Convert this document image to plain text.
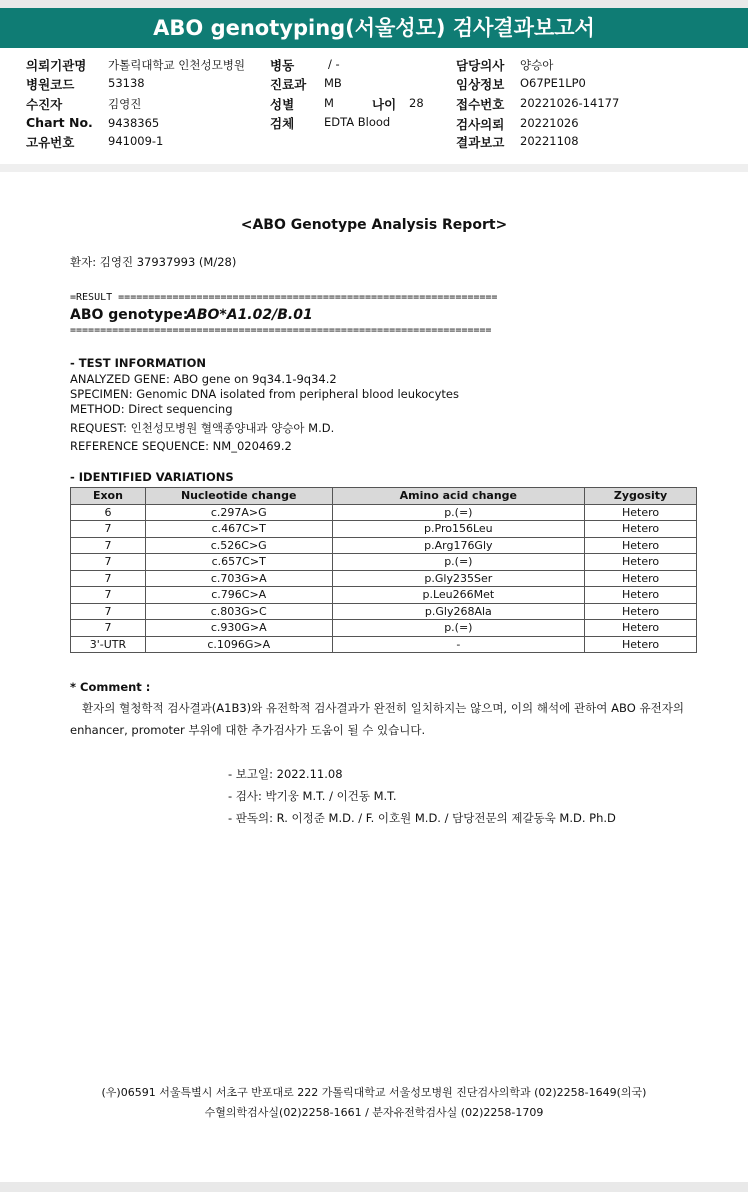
ABO genotyping(서울성모) 검사결과보고서
의뢰기관명 가톨릭대학교 인천성모병원
병원코드	53138
수진자	김영진
Chart No. 9438365
고유번호	941009-1
병동	/ -
진료과 MB
성별	M	나이 28
검체	EDTA Blood
담당의사 양승아
임상정보 O67PE1LP0
접수번호 20221026-14177
검사의뢰 20221026
결과보고 20221108
<ABO Genotype Analysis Report>
환자: 김영진 37937993 (M/28)
=RESULT ===============================================================
ABO genotype:
ABO*A1.02/B.01
======================================================================
- TEST INFORMATION
ANALYZED GENE: ABO gene on 9q34.1-9q34.2
SPECIMEN: Genomic DNA isolated from peripheral blood leukocytes
METHOD: Direct sequencing
REQUEST: 인천성모병원 혈액종양내과 양승아 M.D.
REFERENCE SEQUENCE: NM_020469.2
- IDENTIFIED VARIATIONS
Exon	Nucleotide change	Amino acid change	Zygosity
6	c.297A>G	p.(=)	Hetero
7	c.467C>T	p.Pro156Leu	Hetero
7	c.526C>G	p.Arg176Gly	Hetero
7	c.657C>T	p.(=)	Hetero
7	c.703G>A	p.Gly235Ser	Hetero
7	c.796C>A	p.Leu266Met	Hetero
7	c.803G>C	p.Gly268Ala	Hetero
7	c.930G>A	p.(=)	Hetero
3'-UTR	c.1096G>A	-	Hetero
* Comment :
환자의 혈청학적 검사결과(A1B3)와 유전학적 검사결과가 완전히 일치하지는 않으며, 이의 해석에 관하여 ABO 유전자의 enhancer, promoter 부위에 대한 추가검사가 도움이 될 수 있습니다.
- 보고일: 2022.11.08
- 검사: 박기웅 M.T. / 이건동 M.T.
- 판독의: R. 이정준 M.D. / F. 이호원 M.D. / 담당전문의 제갈동욱 M.D. Ph.D
(우)06591 서울특별시 서초구 반포대로 222 가톨릭대학교 서울성모병원 진단검사의학과 (02)2258-1649(의국)
수혈의학검사실(02)2258-1661 / 분자유전학검사실 (02)2258-1709
